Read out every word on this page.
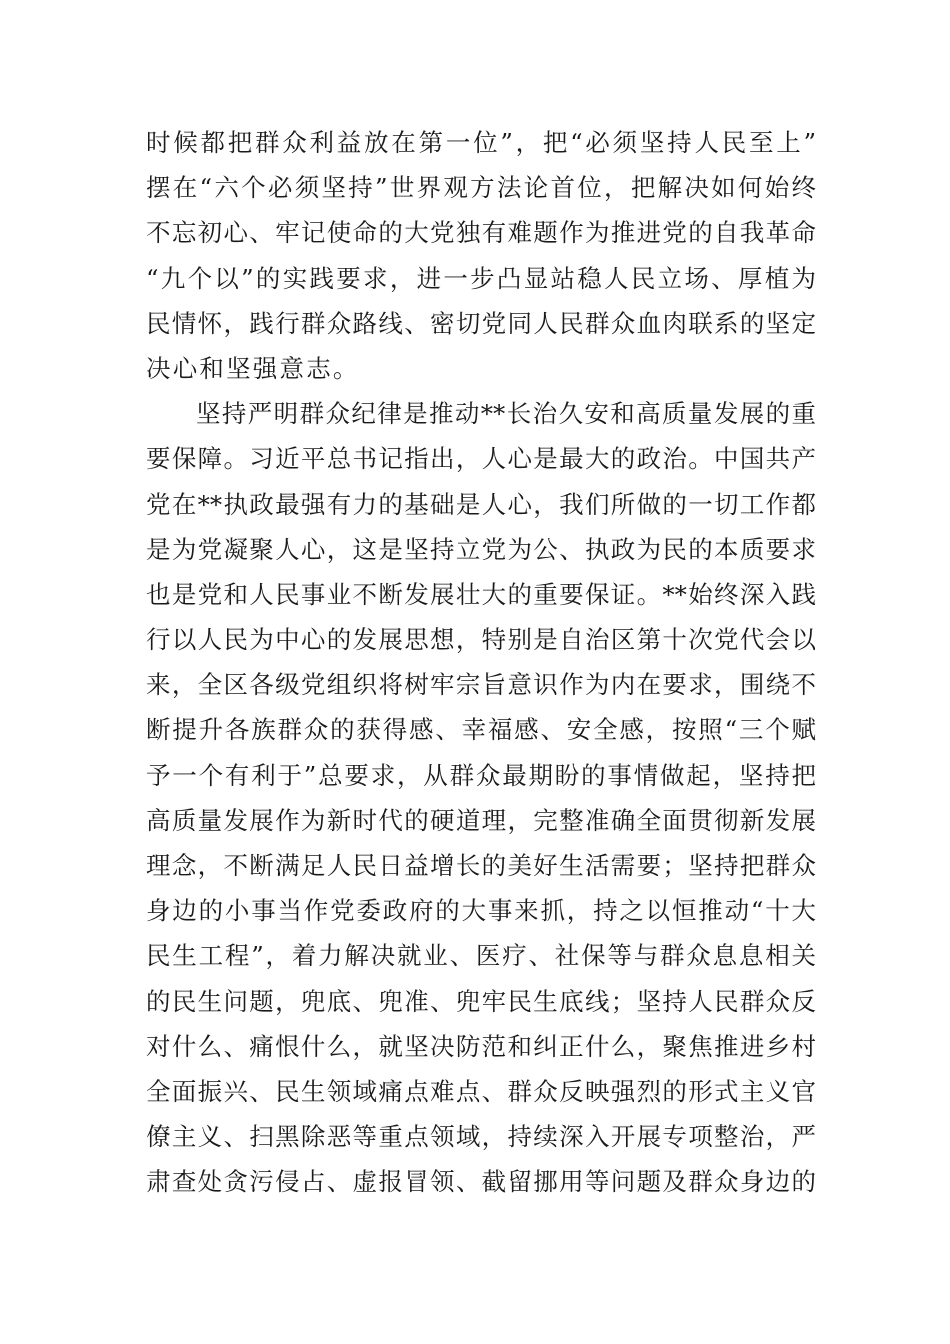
时候都把群众利益放在第一位”，把“必须坚持人民至上”
摆在“六个必须坚持”世界观方法论首位，把解决如何始终
不忘初心、牢记使命的大党独有难题作为推进党的自我革命
“九个以”的实践要求，进一步凸显站稳人民立场、厚植为
民情怀，践行群众路线、密切党同人民群众血肉联系的坚定
决心和坚强意志。
坚持严明群众纪律是推动**长治久安和高质量发展的重
要保障。习近平总书记指出，人心是最大的政治。中国共产
党在**执政最强有力的基础是人心，我们所做的一切工作都
是为党凝聚人心，这是坚持立党为公、执政为民的本质要求
也是党和人民事业不断发展壮大的重要保证。**始终深入践
行以人民为中心的发展思想，特别是自治区第十次党代会以
来，全区各级党组织将树牢宗旨意识作为内在要求，围绕不
断提升各族群众的获得感、幸福感、安全感，按照“三个赋
予一个有利于”总要求，从群众最期盼的事情做起，坚持把
高质量发展作为新时代的硬道理，完整准确全面贯彻新发展
理念，不断满足人民日益增长的美好生活需要；坚持把群众
身边的小事当作党委政府的大事来抓，持之以恒推动“十大
民生工程”，着力解决就业、医疗、社保等与群众息息相关
的民生问题，兜底、兜准、兜牢民生底线；坚持人民群众反
对什么、痛恨什么，就坚决防范和纠正什么，聚焦推进乡村
全面振兴、民生领域痛点难点、群众反映强烈的形式主义官
僚主义、扫黑除恶等重点领域，持续深入开展专项整治，严
肃查处贪污侵占、虚报冒领、截留挪用等问题及群众身边的
